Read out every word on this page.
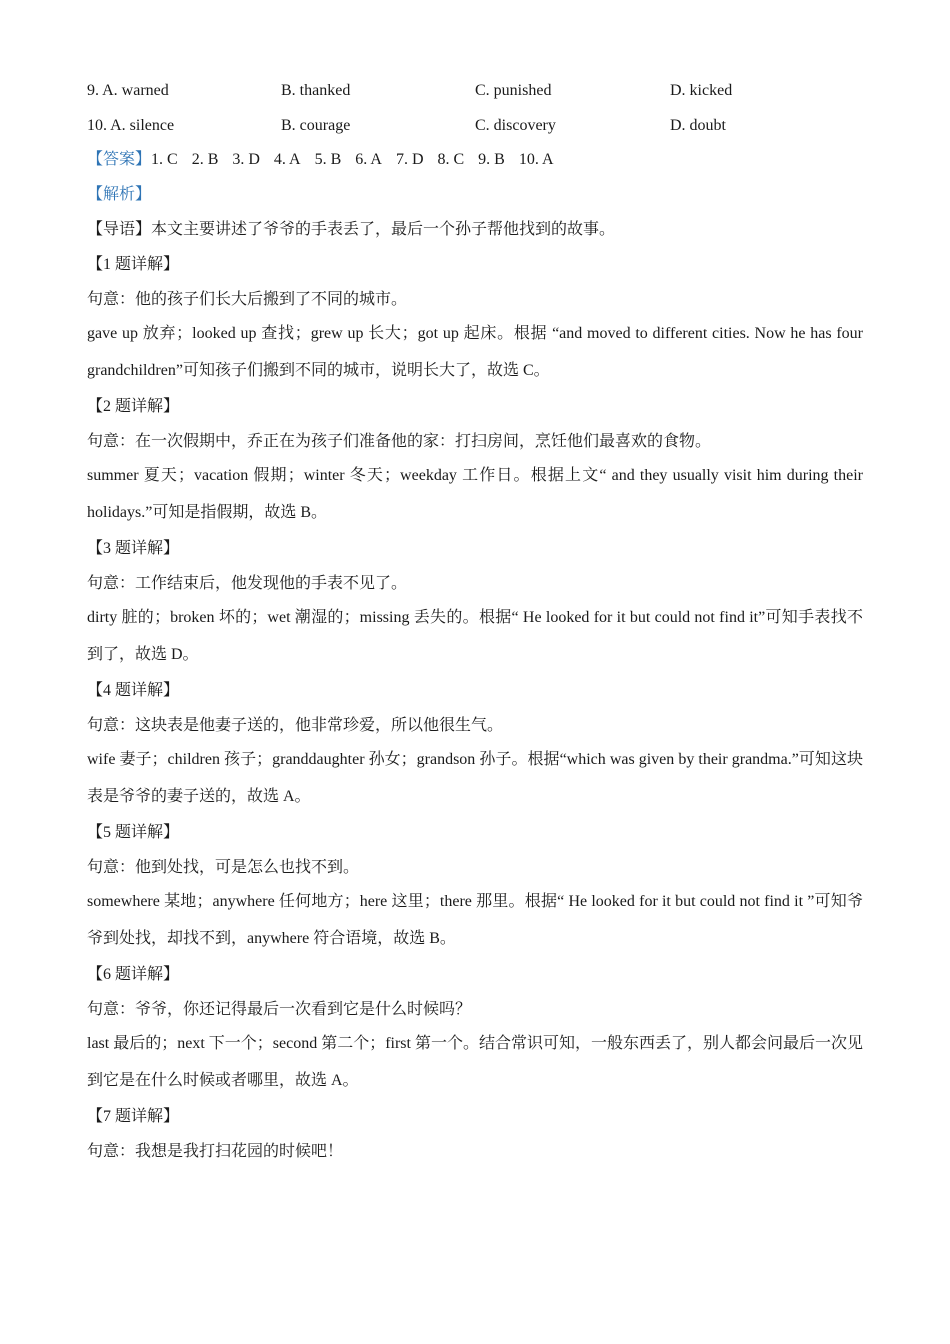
9. A. warned	B. thanked	C. punished	D. kicked
10. A. silence	B. courage	C. discovery	D. doubt
【答案】1. C 2. B 3. D 4. A 5. B 6. A 7. D 8. C 9. B 10. A
【解析】
【导语】本文主要讲述了爷爷的手表丢了，最后一个孙子帮他找到的故事。
【1 题详解】
句意：他的孩子们长大后搬到了不同的城市。
gave up 放弃；looked up 查找；grew up 长大；got up 起床。根据 “and moved to different cities. Now he has four grandchildren”可知孩子们搬到不同的城市，说明长大了，故选 C。
【2 题详解】
句意：在一次假期中，乔正在为孩子们准备他的家：打扫房间，烹饪他们最喜欢的食物。
summer 夏天；vacation 假期；winter 冬天；weekday 工作日。根据上文“ and they usually visit him during their holidays.”可知是指假期，故选 B。
【3 题详解】
句意：工作结束后，他发现他的手表不见了。
dirty 脏的；broken 坏的；wet 潮湿的；missing 丢失的。根据“ He looked for it but could not find it”可知手表找不到了，故选 D。
【4 题详解】
句意：这块表是他妻子送的，他非常珍爱，所以他很生气。
wife 妻子；children 孩子；granddaughter 孙女；grandson 孙子。根据“which was given by their grandma.”可知这块表是爷爷的妻子送的，故选 A。
【5 题详解】
句意：他到处找，可是怎么也找不到。
somewhere 某地；anywhere 任何地方；here 这里；there 那里。根据“ He looked for it but could not find it ”可知爷爷到处找，却找不到，anywhere 符合语境，故选 B。
【6 题详解】
句意：爷爷，你还记得最后一次看到它是什么时候吗？
last 最后的；next 下一个；second 第二个；first 第一个。结合常识可知，一般东西丢了，别人都会问最后一次见到它是在什么时候或者哪里，故选 A。
【7 题详解】
句意：我想是我打扫花园的时候吧！
